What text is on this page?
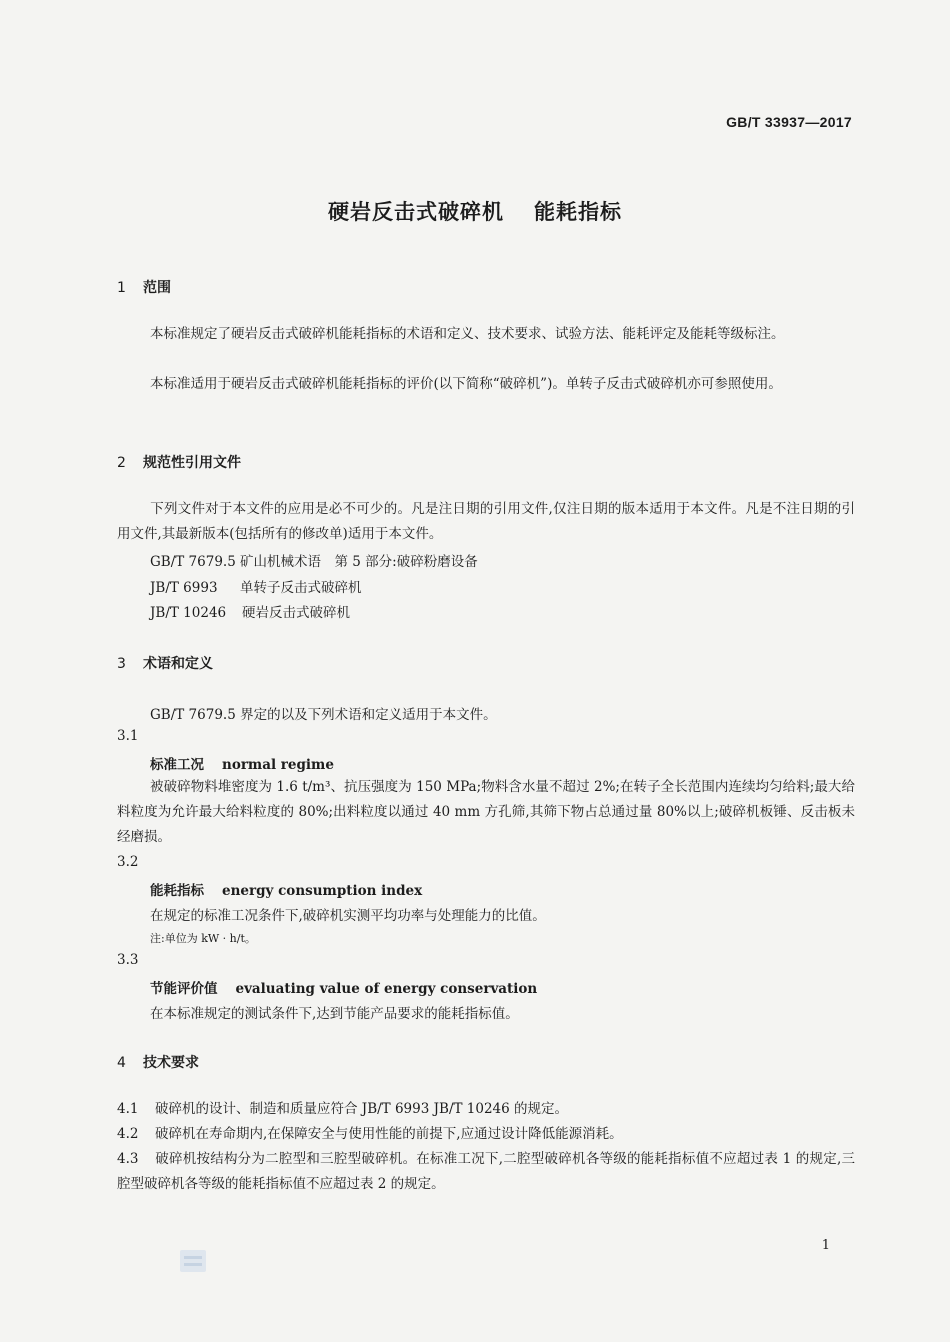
GB/T 33937—2017
硬岩反击式破碎机 能耗指标
1 范围
本标准规定了硬岩反击式破碎机能耗指标的术语和定义、技术要求、试验方法、能耗评定及能耗等级标注。
本标准适用于硬岩反击式破碎机能耗指标的评价(以下简称“破碎机”)。单转子反击式破碎机亦可参照使用。
2 规范性引用文件
下列文件对于本文件的应用是必不可少的。凡是注日期的引用文件,仅注日期的版本适用于本文件。凡是不注日期的引用文件,其最新版本(包括所有的修改单)适用于本文件。
GB/T 7679.5 矿山机械术语　第 5 部分:破碎粉磨设备
JB/T 6993 单转子反击式破碎机
JB/T 10246 硬岩反击式破碎机
3 术语和定义
GB/T 7679.5 界定的以及下列术语和定义适用于本文件。
3.1
标准工况 normal regime
被破碎物料堆密度为 1.6 t/m³、抗压强度为 150 MPa;物料含水量不超过 2%;在转子全长范围内连续均匀给料;最大给料粒度为允许最大给料粒度的 80%;出料粒度以通过 40 mm 方孔筛,其筛下物占总通过量 80%以上;破碎机板锤、反击板未经磨损。
3.2
能耗指标 energy consumption index
在规定的标准工况条件下,破碎机实测平均功率与处理能力的比值。
注:单位为 kW · h/t。
3.3
节能评价值 evaluating value of energy conservation
在本标准规定的测试条件下,达到节能产品要求的能耗指标值。
4 技术要求
4.1 破碎机的设计、制造和质量应符合 JB/T 6993 JB/T 10246 的规定。
4.2 破碎机在寿命期内,在保障安全与使用性能的前提下,应通过设计降低能源消耗。
4.3 破碎机按结构分为二腔型和三腔型破碎机。在标准工况下,二腔型破碎机各等级的能耗指标值不应超过表 1 的规定,三腔型破碎机各等级的能耗指标值不应超过表 2 的规定。
1
